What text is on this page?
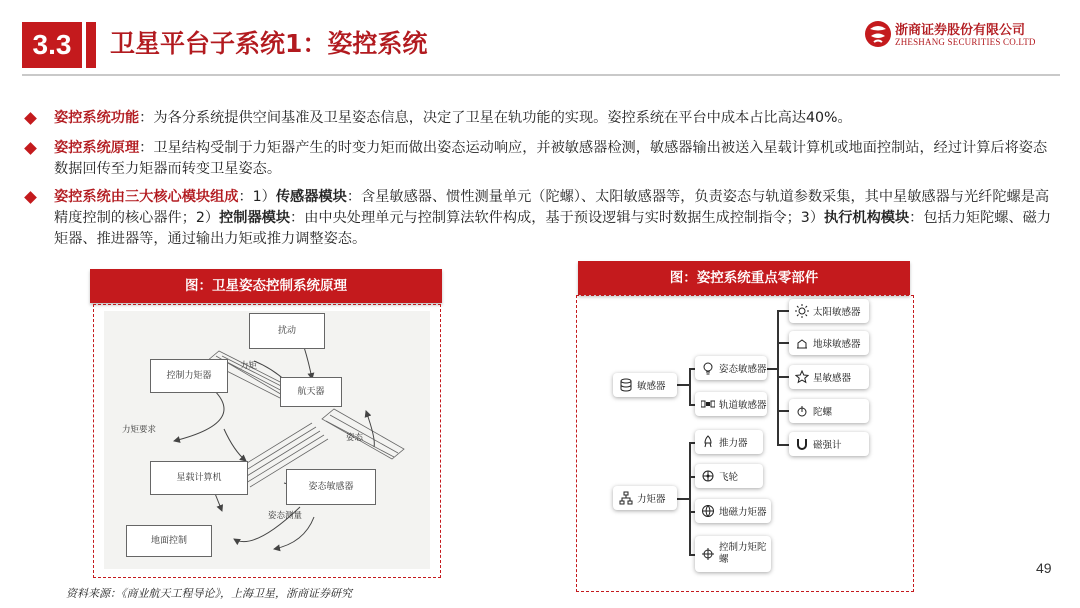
3.3	卫星平台子系统1：姿控系统	浙商证券股份有限公司
ZHESHANG SECURITIES CO.LTD
姿控系统功能：为各分系统提供空间基准及卫星姿态信息，决定了卫星在轨功能的实现。姿控系统在平台中成本占比高达40%。
姿控系统原理：卫星结构受制于力矩器产生的时变力矩而做出姿态运动响应，并被敏感器检测，敏感器输出被送入星载计算机或地面控制站，经过计算后将姿态数据回传至力矩器而转变卫星姿态。
姿控系统由三大核心模块组成：1）传感器模块：含星敏感器、惯性测量单元（陀螺）、太阳敏感器等，负责姿态与轨道参数采集，其中星敏感器与光纤陀螺是高精度控制的核心器件；2）控制器模块：由中央处理单元与控制算法软件构成，基于预设逻辑与实时数据生成控制指令；3）执行机构模块：包括力矩陀螺、磁力矩器、推进器等，通过输出力矩或推力调整姿态。
图：卫星姿态控制系统原理
扰动
控制力矩器
航天器
星载计算机
姿态敏感器
地面控制
力矩
力矩要求
姿态
姿态测量
图：姿控系统重点零部件
敏感器
姿态敏感器
轨道敏感器
太阳敏感器
地球敏感器
星敏感器
陀螺
磁强计
力矩器
推力器
飞轮
地磁力矩器
控制力矩陀
螺
资料来源：《商业航天工程导论》，上海卫星，浙商证券研究
49
